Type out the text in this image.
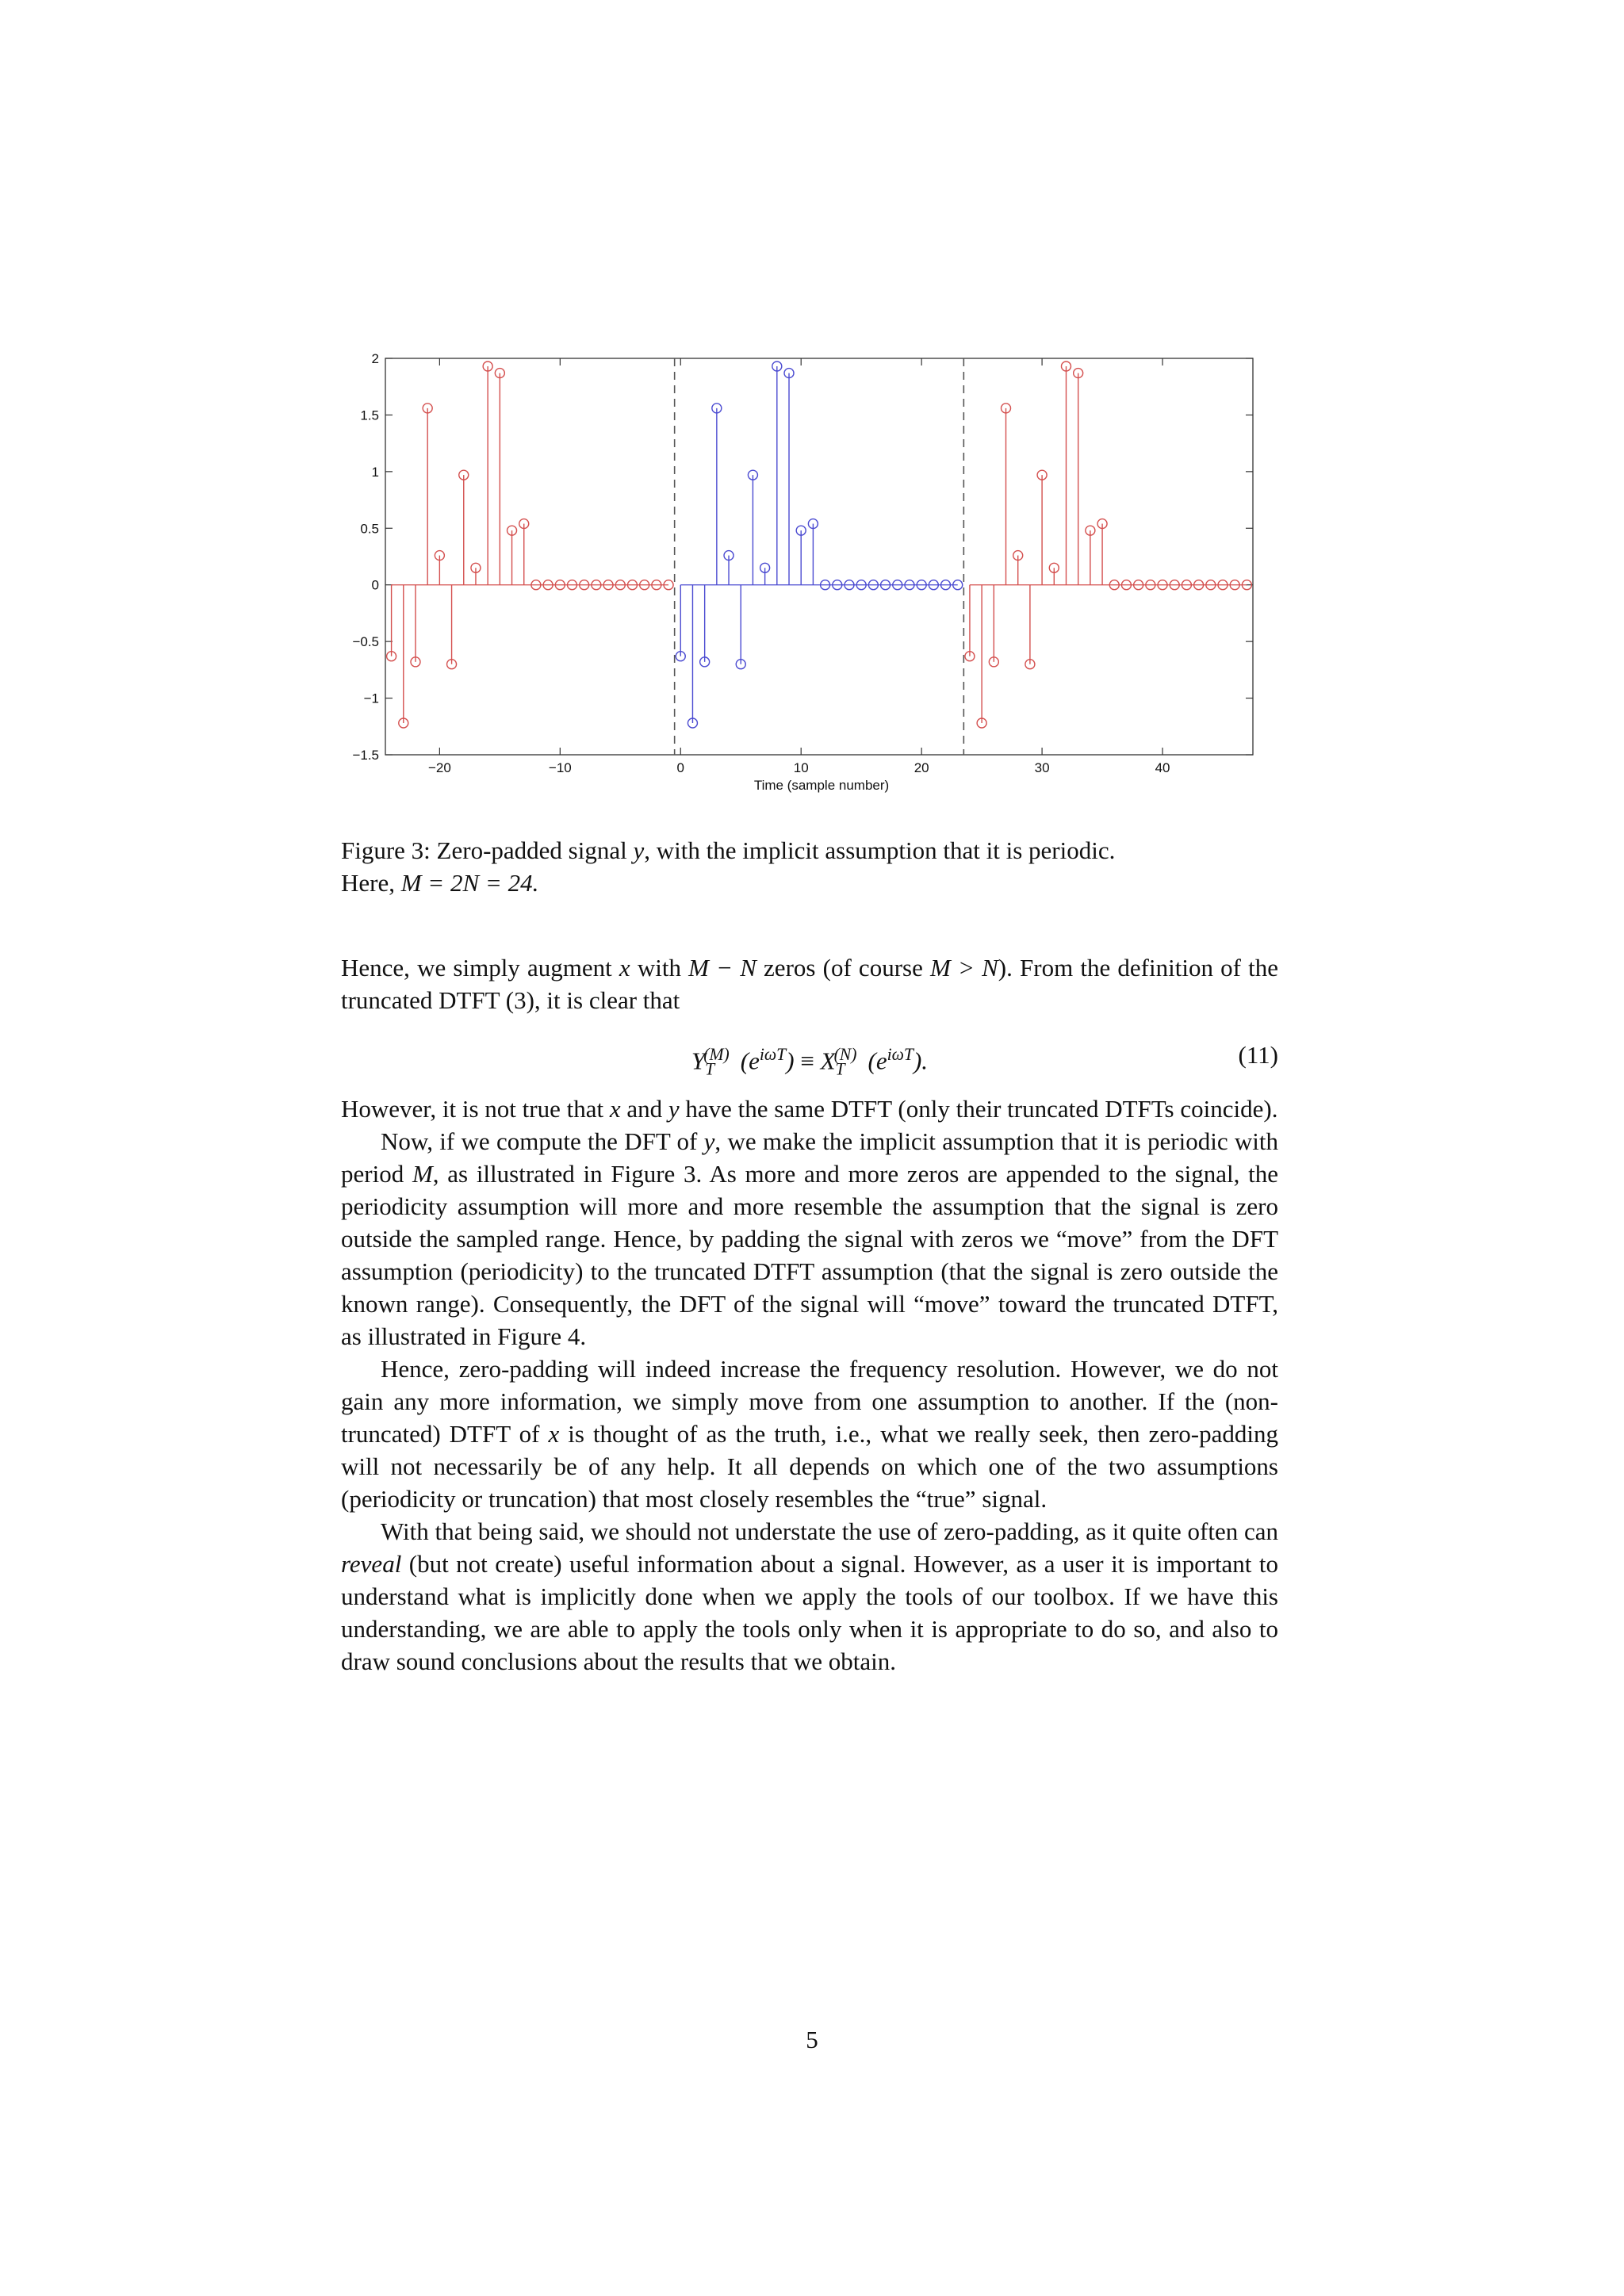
2
1.5
1
0.5
0
−0.5
−1
−1.5
−20	−10	0	10	20	30	40
Time (sample number)
Figure 3: Zero-padded signal y, with the implicit assumption that it is periodic.
Here, M = 2N = 24.

Hence, we simply augment x with M − N zeros (of course M > N). From the definition of the truncated DTFT (3), it is clear that

$Y_T^{(M)}$ $(e^{i\omega T}) \equiv X_T^{(N)}$ $(e^{i\omega T})$.	(11)

However, it is not true that x and y have the same DTFT (only their truncated DTFTs coincide).

Now, if we compute the DFT of y, we make the implicit assumption that it is periodic with period M, as illustrated in Figure 3. As more and more zeros are appended to the signal, the periodicity assumption will more and more resemble the assumption that the signal is zero outside the sampled range. Hence, by padding the signal with zeros we “move” from the DFT assumption (periodicity) to the truncated DTFT assumption (that the signal is zero outside the known range). Consequently, the DFT of the signal will “move” toward the truncated DTFT, as illustrated in Figure 4.

Hence, zero-padding will indeed increase the frequency resolution. However, we do not gain any more information, we simply move from one assumption to another. If the (non-truncated) DTFT of x is thought of as the truth, i.e., what we really seek, then zero-padding will not necessarily be of any help. It all depends on which one of the two assumptions (periodicity or truncation) that most closely resembles the “true” signal.

With that being said, we should not understate the use of zero-padding, as it quite often can reveal (but not create) useful information about a signal. However, as a user it is important to understand what is implicitly done when we apply the tools of our toolbox. If we have this understanding, we are able to apply the tools only when it is appropriate to do so, and also to draw sound conclusions about the results that we obtain.

5
